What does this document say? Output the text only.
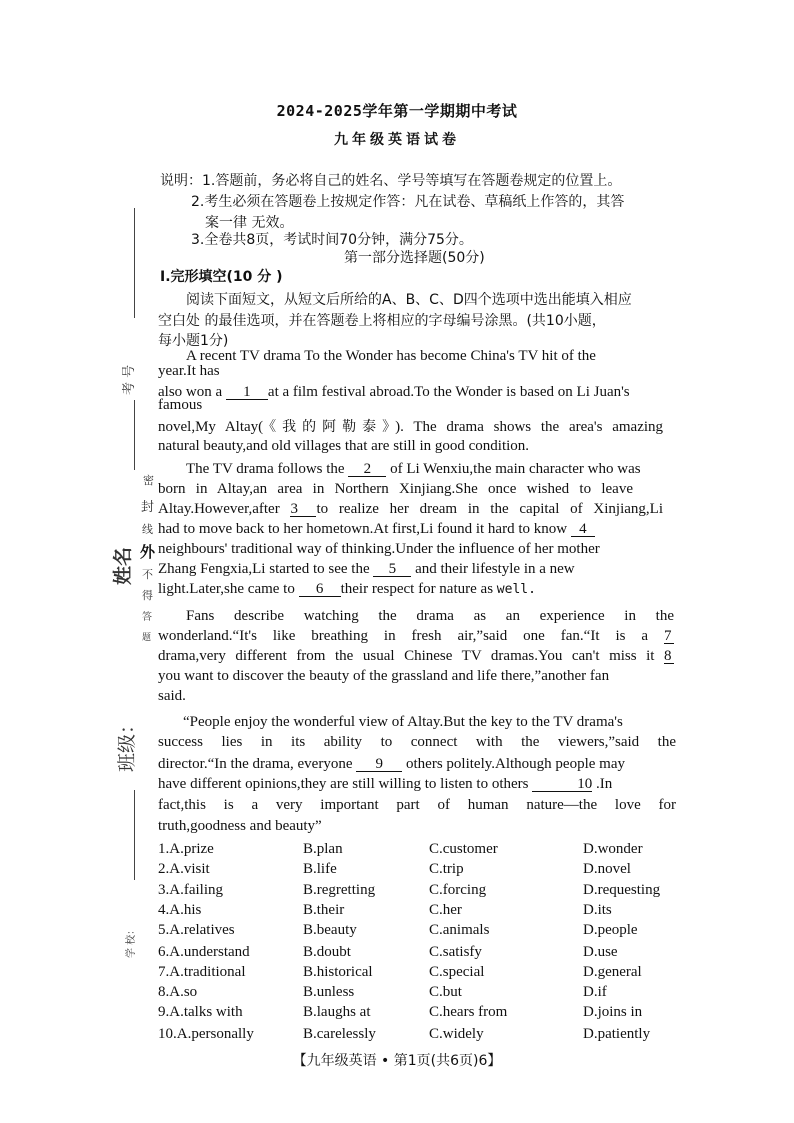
考 号
姓名
班级：
学 校：
密
封
线
外
不
得
答
题
2024-2025学年第一学期期中考试
九年级英语试卷
说明：1.答题前，务必将自己的姓名、学号等填写在答题卷规定的位置上。
2.考生必须在答题卷上按规定作答：凡在试卷、草稿纸上作答的，其答
案一律 无效。
3.全卷共8页，考试时间70分钟，满分75分。
第一部分选择题(50分)
I.完形填空(10 分 )
阅读下面短文，从短文后所给的A、B、C、D四个选项中选出能填入相应
空白处 的最佳选项，并在答题卷上将相应的字母编号涂黑。(共10小题，
每小题1分)
A recent TV drama To the Wonder has become China's TV hit of the
year.It has
also won a 1 at a film festival abroad.To the Wonder is based on Li Juan's
famous
novel,My Altay(《我的阿勒泰》). The drama shows the area's amazing
natural beauty,and old villages that are still in good condition.
The TV drama follows the 2 of Li Wenxiu,the main character who was
born in Altay,an area in Northern Xinjiang.She once wished to leave
Altay.However,after 3 to realize her dream in the capital of Xinjiang,Li
had to move back to her hometown.At first,Li found it hard to know 4
neighbours' traditional way of thinking.Under the influence of her mother
Zhang Fengxia,Li started to see the 5 and their lifestyle in a new
light.Later,she came to 6 their respect for nature as well.
Fans describe watching the drama as an experience in the
wonderland.“It's like breathing in fresh air,”said one fan.“It is a 7
drama,very different from the usual Chinese TV dramas.You can't miss it 8
you want to discover the beauty of the grassland and life there,”another fan
said.
“People enjoy the wonderful view of Altay.But the key to the TV drama's
success lies in its ability to connect with the viewers,”said the
director.“In the drama, everyone 9 others politely.Although people may
have different opinions,they are still willing to listen to others	10 .In
fact,this is a very important part of human nature—the love for
truth,goodness and beauty”
1.A.prize	B.plan	C.customer	D.wonder
2.A.visit	B.life	C.trip	D.novel
3.A.failing	B.regretting	C.forcing	D.requesting
4.A.his	B.their	C.her	D.its
5.A.relatives	B.beauty	C.animals	D.people
6.A.understand	B.doubt	C.satisfy	D.use
7.A.traditional	B.historical	C.special	D.general
8.A.so	B.unless	C.but	D.if
9.A.talks with	B.laughs at	C.hears from	D.joins in
10.A.personally	B.carelessly	C.widely	D.patiently
【九年级英语 • 第1页(共6页)6】
